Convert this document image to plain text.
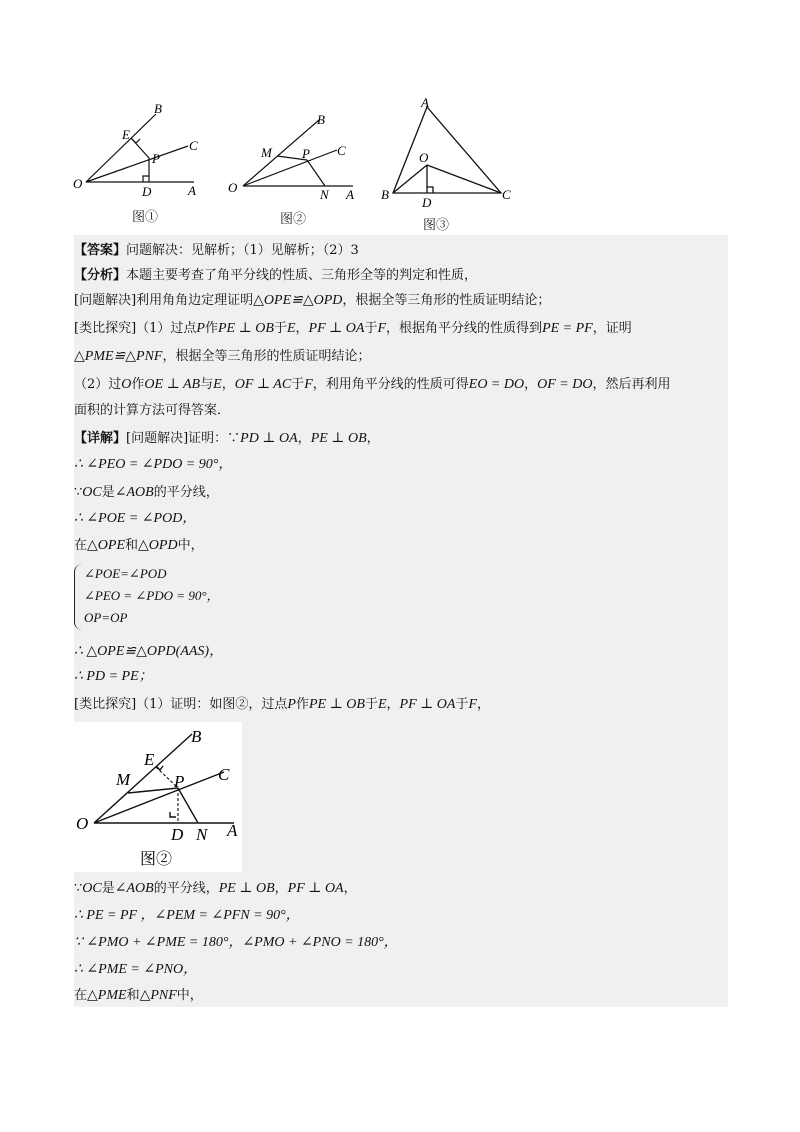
B
E
C
P
O
D	A
图①
B
C
M P
O	N A
图②
A
O
B
D
C
图③
【答案】问题解决：见解析；（1）见解析；（2）3
【分析】本题主要考查了角平分线的性质、三角形全等的判定和性质，
[问题解决]利用角角边定理证明△OPE≌△OPD，根据全等三角形的性质证明结论；
[类比探究]（1）过点P作PE ⊥ OB于E，PF ⊥ OA于F，根据角平分线的性质得到PE = PF，证明
△PME≌△PNF，根据全等三角形的性质证明结论；
（2）过O作OE ⊥ AB与E，OF ⊥ AC于F，利用角平分线的性质可得EO = DO，OF = DO，然后再利用
面积的计算方法可得答案．
【详解】[问题解决]证明：∵PD ⊥ OA，PE ⊥ OB，
∴ ∠PEO = ∠PDO = 90°，
∵OC是∠AOB的平分线，
∴ ∠POE = ∠POD，
在△OPE和△OPD中，
∠POE=∠POD
∠PEO = ∠PDO = 90°，
OP=OP
∴ △OPE≌△OPD(AAS)，
∴ PD = PE；
[类比探究]（1）证明：如图②，过点P作PE ⊥ OB于E，PF ⊥ OA于F，
B
E
M	P C
O
D N A
图②
∵OC是∠AOB的平分线，PE ⊥ OB，PF ⊥ OA，
∴ PE = PF ，∠PEM = ∠PFN = 90°，
∵ ∠PMO + ∠PME = 180°，∠PMO + ∠PNO = 180°，
∴ ∠PME = ∠PNO，
在△PME和△PNF中，
